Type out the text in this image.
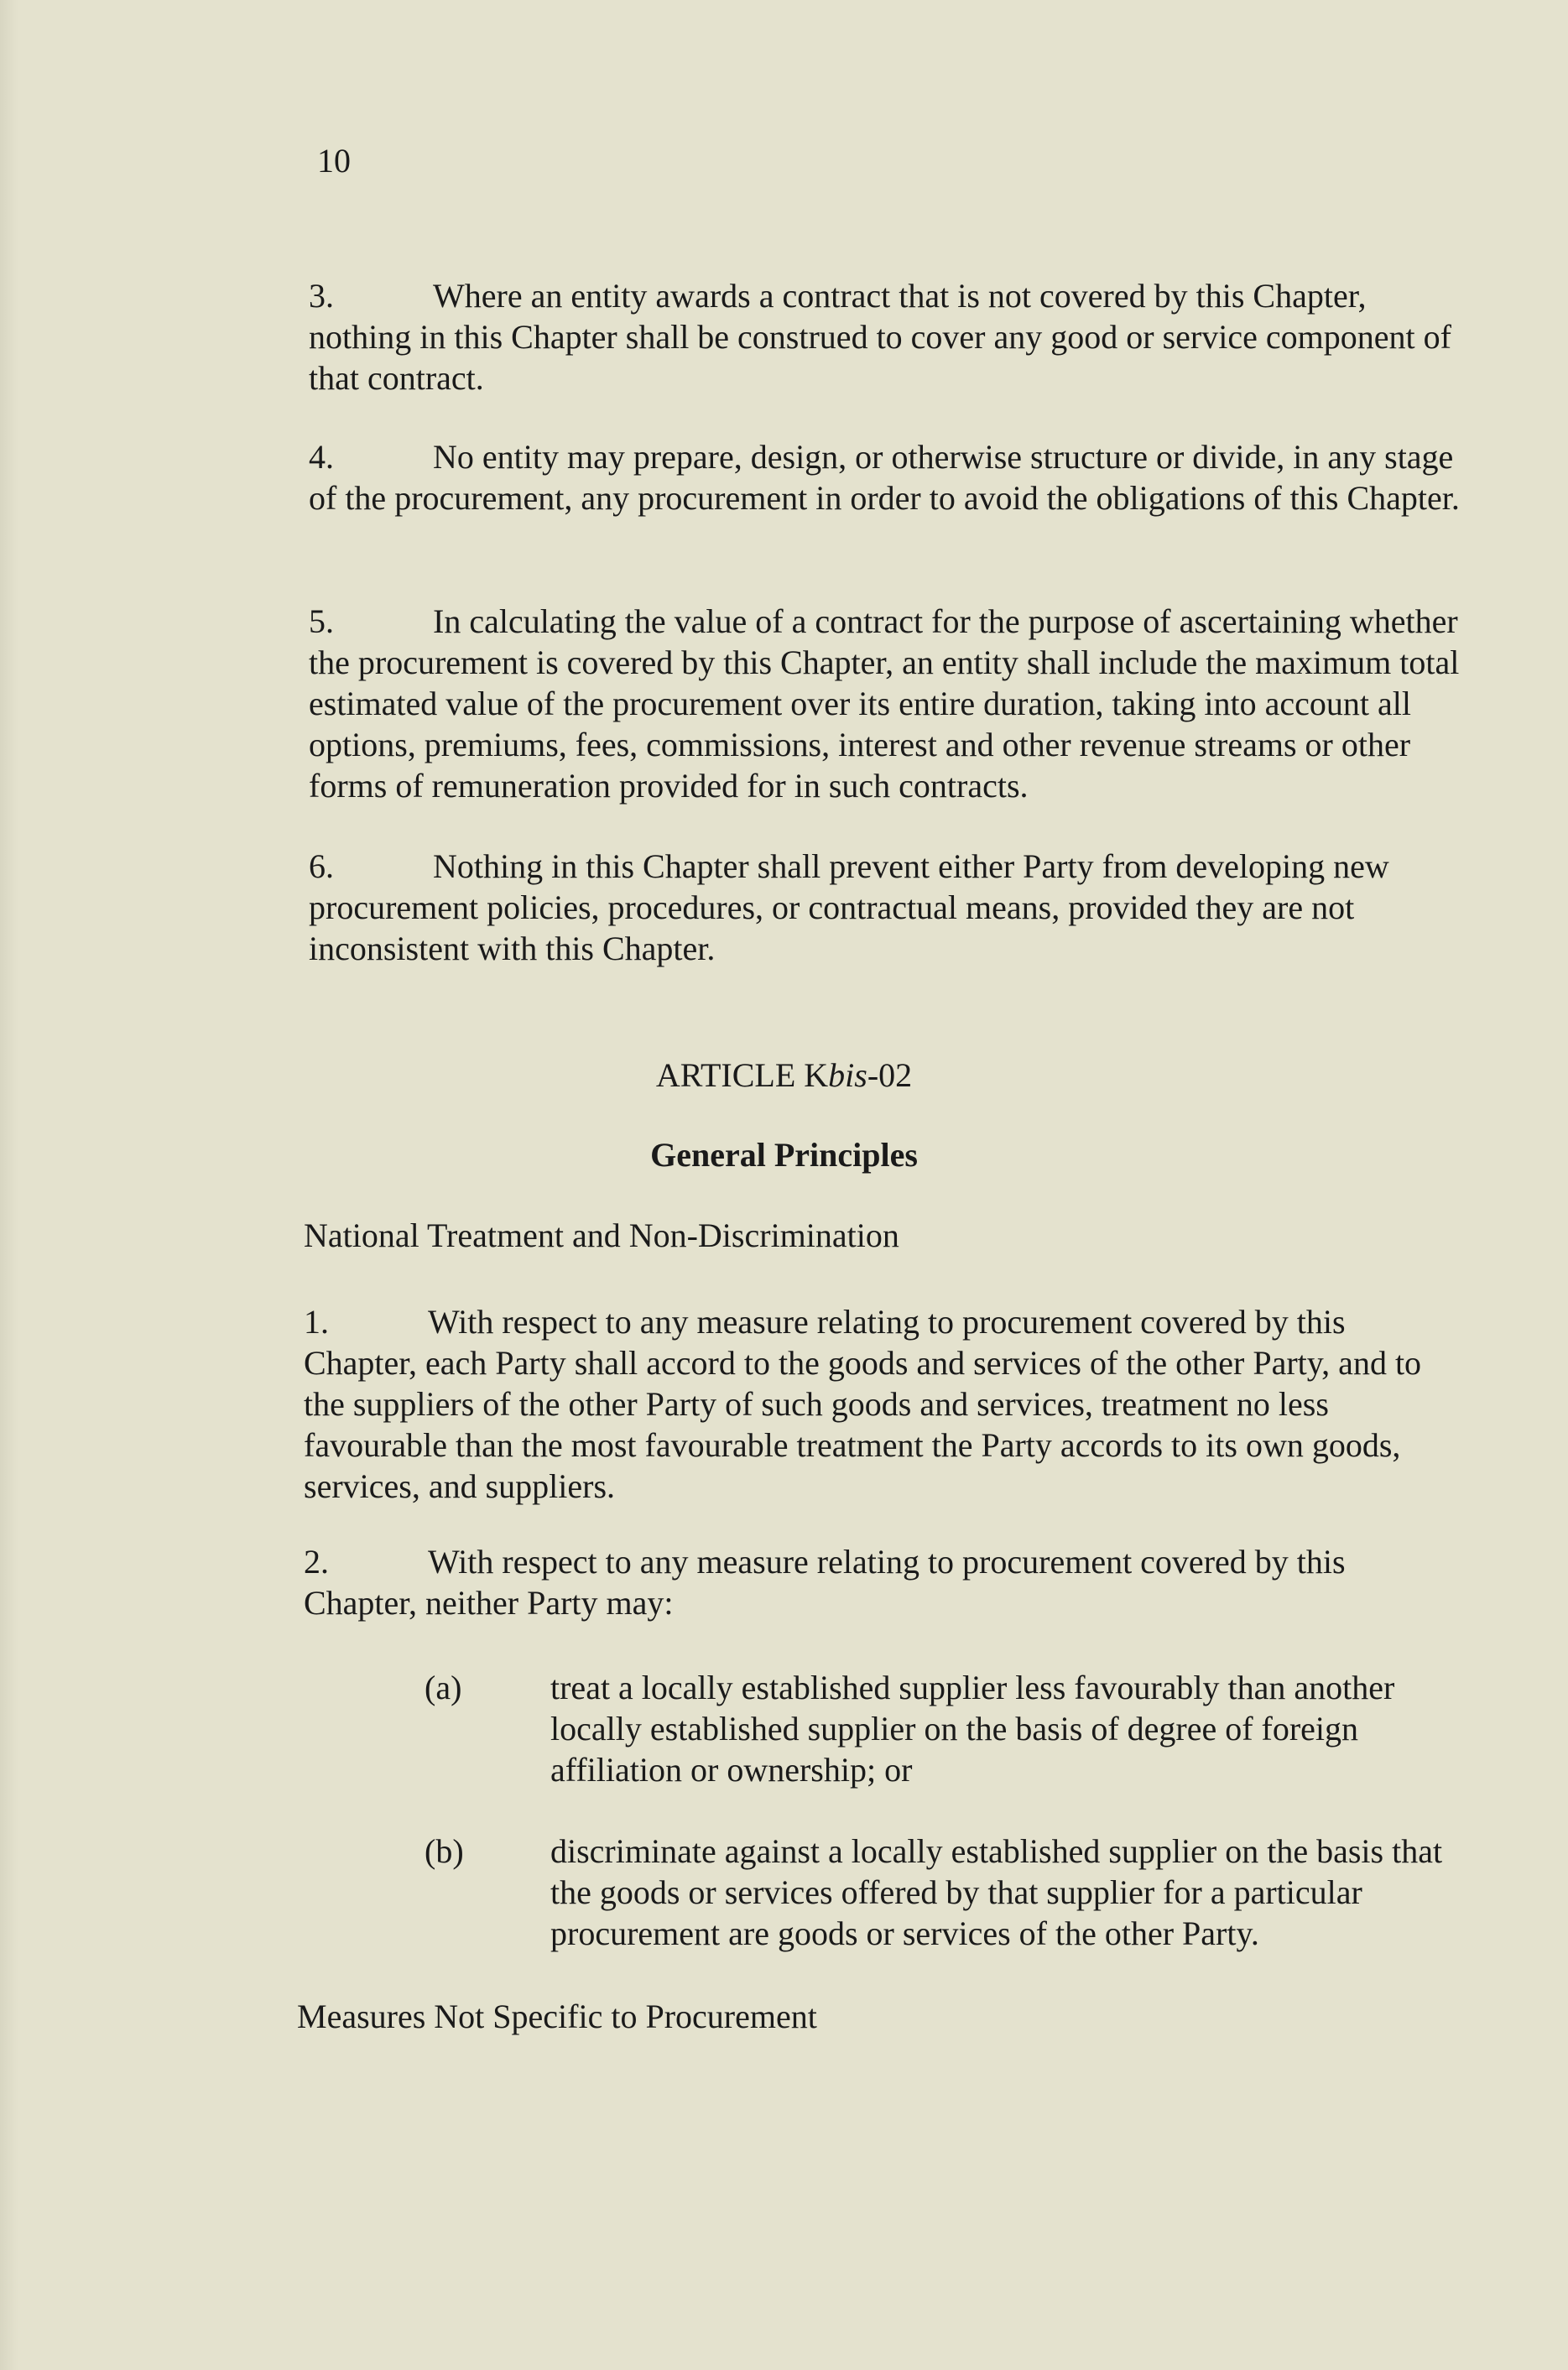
10
3.	Where an entity awards a contract that is not covered by this Chapter, nothing in this Chapter shall be construed to cover any good or service component of that contract.
4.	No entity may prepare, design, or otherwise structure or divide, in any stage of the procurement, any procurement in order to avoid the obligations of this Chapter.
5.	In calculating the value of a contract for the purpose of ascertaining whether the procurement is covered by this Chapter, an entity shall include the maximum total estimated value of the procurement over its entire duration, taking into account all options, premiums, fees, commissions, interest and other revenue streams or other forms of remuneration provided for in such contracts.
6.	Nothing in this Chapter shall prevent either Party from developing new procurement policies, procedures, or contractual means, provided they are not inconsistent with this Chapter.
ARTICLE Kbis-02
General Principles
National Treatment and Non-Discrimination
1.	With respect to any measure relating to procurement covered by this Chapter, each Party shall accord to the goods and services of the other Party, and to the suppliers of the other Party of such goods and services, treatment no less favourable than the most favourable treatment the Party accords to its own goods, services, and suppliers.
2.	With respect to any measure relating to procurement covered by this Chapter, neither Party may:
(a)	treat a locally established supplier less favourably than another locally established supplier on the basis of degree of foreign affiliation or ownership; or
(b)	discriminate against a locally established supplier on the basis that the goods or services offered by that supplier for a particular procurement are goods or services of the other Party.
Measures Not Specific to Procurement
